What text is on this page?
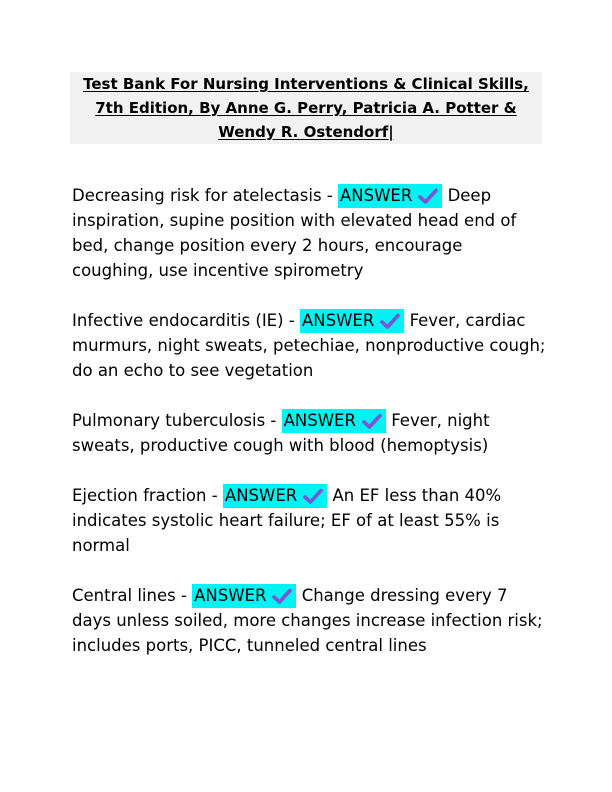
Test Bank For Nursing Interventions & Clinical Skills, 7th Edition, By Anne G. Perry, Patricia A. Potter & Wendy R. Ostendorf|

Decreasing risk for atelectasis - ANSWER Deep inspiration, supine position with elevated head end of bed, change position every 2 hours, encourage coughing, use incentive spirometry

Infective endocarditis (IE) - ANSWER Fever, cardiac murmurs, night sweats, petechiae, nonproductive cough; do an echo to see vegetation

Pulmonary tuberculosis - ANSWER Fever, night sweats, productive cough with blood (hemoptysis)

Ejection fraction - ANSWER An EF less than 40% indicates systolic heart failure; EF of at least 55% is normal

Central lines - ANSWER Change dressing every 7 days unless soiled, more changes increase infection risk; includes ports, PICC, tunneled central lines
